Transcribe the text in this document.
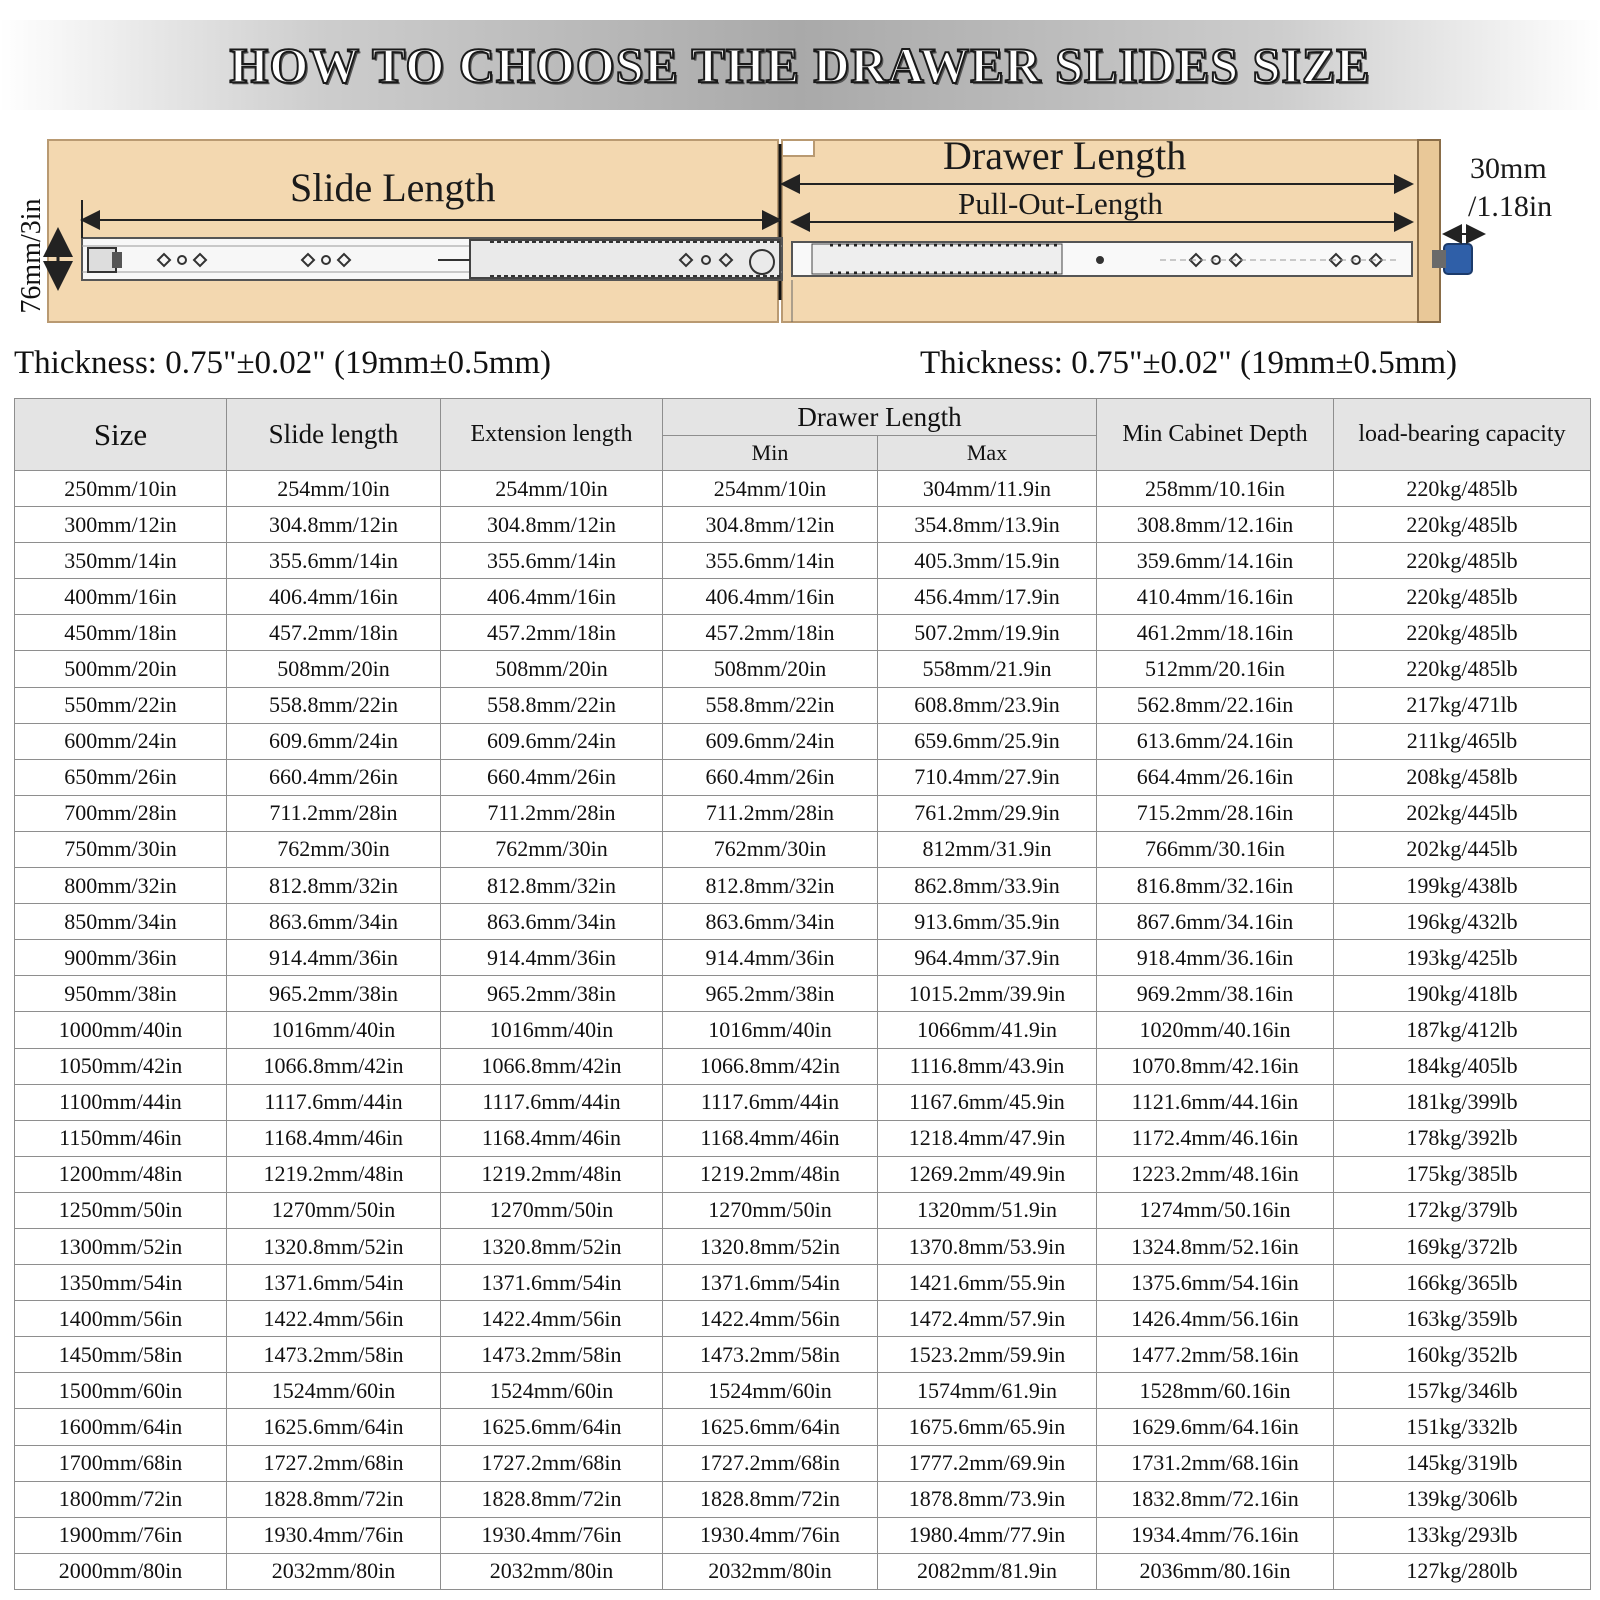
HOW TO CHOOSE THE DRAWER SLIDES SIZE
Slide Length
Drawer Length
Pull-Out-Length
30mm
/1.18in
76mm/3in
Thickness: 0.75"±0.02" (19mm±0.5mm)	Thickness: 0.75"±0.02" (19mm±0.5mm)
Size	Slide length	Extension length	Drawer Length		Min Cabinet Depth	load-bearing capacity
			Min	Max		
250mm/10in	254mm/10in	254mm/10in	254mm/10in	304mm/11.9in	258mm/10.16in	220kg/485lb
300mm/12in	304.8mm/12in	304.8mm/12in	304.8mm/12in	354.8mm/13.9in	308.8mm/12.16in	220kg/485lb
350mm/14in	355.6mm/14in	355.6mm/14in	355.6mm/14in	405.3mm/15.9in	359.6mm/14.16in	220kg/485lb
400mm/16in	406.4mm/16in	406.4mm/16in	406.4mm/16in	456.4mm/17.9in	410.4mm/16.16in	220kg/485lb
450mm/18in	457.2mm/18in	457.2mm/18in	457.2mm/18in	507.2mm/19.9in	461.2mm/18.16in	220kg/485lb
500mm/20in	508mm/20in	508mm/20in	508mm/20in	558mm/21.9in	512mm/20.16in	220kg/485lb
550mm/22in	558.8mm/22in	558.8mm/22in	558.8mm/22in	608.8mm/23.9in	562.8mm/22.16in	217kg/471lb
600mm/24in	609.6mm/24in	609.6mm/24in	609.6mm/24in	659.6mm/25.9in	613.6mm/24.16in	211kg/465lb
650mm/26in	660.4mm/26in	660.4mm/26in	660.4mm/26in	710.4mm/27.9in	664.4mm/26.16in	208kg/458lb
700mm/28in	711.2mm/28in	711.2mm/28in	711.2mm/28in	761.2mm/29.9in	715.2mm/28.16in	202kg/445lb
750mm/30in	762mm/30in	762mm/30in	762mm/30in	812mm/31.9in	766mm/30.16in	202kg/445lb
800mm/32in	812.8mm/32in	812.8mm/32in	812.8mm/32in	862.8mm/33.9in	816.8mm/32.16in	199kg/438lb
850mm/34in	863.6mm/34in	863.6mm/34in	863.6mm/34in	913.6mm/35.9in	867.6mm/34.16in	196kg/432lb
900mm/36in	914.4mm/36in	914.4mm/36in	914.4mm/36in	964.4mm/37.9in	918.4mm/36.16in	193kg/425lb
950mm/38in	965.2mm/38in	965.2mm/38in	965.2mm/38in	1015.2mm/39.9in	969.2mm/38.16in	190kg/418lb
1000mm/40in	1016mm/40in	1016mm/40in	1016mm/40in	1066mm/41.9in	1020mm/40.16in	187kg/412lb
1050mm/42in	1066.8mm/42in	1066.8mm/42in	1066.8mm/42in	1116.8mm/43.9in	1070.8mm/42.16in	184kg/405lb
1100mm/44in	1117.6mm/44in	1117.6mm/44in	1117.6mm/44in	1167.6mm/45.9in	1121.6mm/44.16in	181kg/399lb
1150mm/46in	1168.4mm/46in	1168.4mm/46in	1168.4mm/46in	1218.4mm/47.9in	1172.4mm/46.16in	178kg/392lb
1200mm/48in	1219.2mm/48in	1219.2mm/48in	1219.2mm/48in	1269.2mm/49.9in	1223.2mm/48.16in	175kg/385lb
1250mm/50in	1270mm/50in	1270mm/50in	1270mm/50in	1320mm/51.9in	1274mm/50.16in	172kg/379lb
1300mm/52in	1320.8mm/52in	1320.8mm/52in	1320.8mm/52in	1370.8mm/53.9in	1324.8mm/52.16in	169kg/372lb
1350mm/54in	1371.6mm/54in	1371.6mm/54in	1371.6mm/54in	1421.6mm/55.9in	1375.6mm/54.16in	166kg/365lb
1400mm/56in	1422.4mm/56in	1422.4mm/56in	1422.4mm/56in	1472.4mm/57.9in	1426.4mm/56.16in	163kg/359lb
1450mm/58in	1473.2mm/58in	1473.2mm/58in	1473.2mm/58in	1523.2mm/59.9in	1477.2mm/58.16in	160kg/352lb
1500mm/60in	1524mm/60in	1524mm/60in	1524mm/60in	1574mm/61.9in	1528mm/60.16in	157kg/346lb
1600mm/64in	1625.6mm/64in	1625.6mm/64in	1625.6mm/64in	1675.6mm/65.9in	1629.6mm/64.16in	151kg/332lb
1700mm/68in	1727.2mm/68in	1727.2mm/68in	1727.2mm/68in	1777.2mm/69.9in	1731.2mm/68.16in	145kg/319lb
1800mm/72in	1828.8mm/72in	1828.8mm/72in	1828.8mm/72in	1878.8mm/73.9in	1832.8mm/72.16in	139kg/306lb
1900mm/76in	1930.4mm/76in	1930.4mm/76in	1930.4mm/76in	1980.4mm/77.9in	1934.4mm/76.16in	133kg/293lb
2000mm/80in	2032mm/80in	2032mm/80in	2032mm/80in	2082mm/81.9in	2036mm/80.16in	127kg/280lb
